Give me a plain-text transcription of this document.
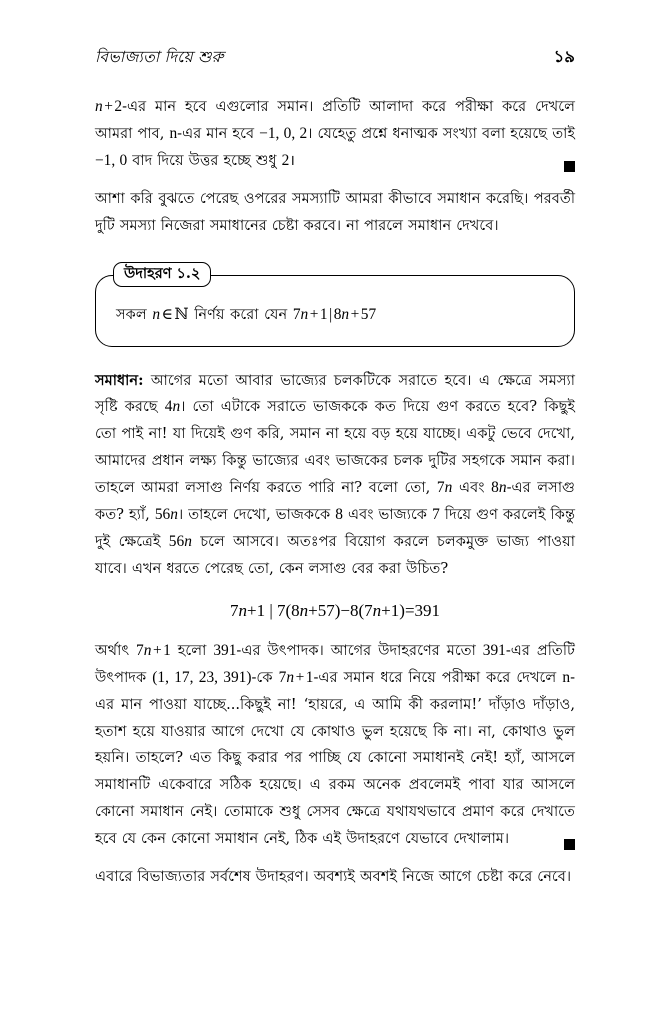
বিভাজ্যতা দিয়ে শুরু	১৯

n+2-এর মান হবে এগুলোর সমান। প্রতিটি আলাদা করে পরীক্ষা করে দেখলে আমরা পাব, n-এর মান হবে −1, 0, 2। যেহেতু প্রশ্নে ধনাত্মক সংখ্যা বলা হয়েছে তাই −1, 0 বাদ দিয়ে উত্তর হচ্ছে শুধু 2।

আশা করি বুঝতে পেরেছ ওপরের সমস্যাটি আমরা কীভাবে সমাধান করেছি। পরবর্তী দুটি সমস্যা নিজেরা সমাধানের চেষ্টা করবে। না পারলে সমাধান দেখবে।

উদাহরণ ১.২
সকল n∈ℕ নির্ণয় করো যেন 7n+1|8n+57

সমাধান: আগের মতো আবার ভাজ্যের চলকটিকে সরাতে হবে। এ ক্ষেত্রে সমস্যা সৃষ্টি করছে 4n। তো এটাকে সরাতে ভাজককে কত দিয়ে গুণ করতে হবে? কিছুই তো পাই না! যা দিয়েই গুণ করি, সমান না হয়ে বড় হয়ে যাচ্ছে। একটু ভেবে দেখো, আমাদের প্রধান লক্ষ্য কিন্তু ভাজ্যের এবং ভাজকের চলক দুটির সহগকে সমান করা। তাহলে আমরা লসাগু নির্ণয় করতে পারি না? বলো তো, 7n এবং 8n-এর লসাগু কত? হ্যাঁ, 56n। তাহলে দেখো, ভাজককে 8 এবং ভাজ্যকে 7 দিয়ে গুণ করলেই কিন্তু দুই ক্ষেত্রেই 56n চলে আসবে। অতঃপর বিয়োগ করলে চলকমুক্ত ভাজ্য পাওয়া যাবে। এখন ধরতে পেরেছ তো, কেন লসাগু বের করা উচিত?

7n+1 | 7(8n+57)−8(7n+1)=391

অর্থাৎ 7n+1 হলো 391-এর উৎপাদক। আগের উদাহরণের মতো 391-এর প্রতিটি উৎপাদক (1, 17, 23, 391)-কে 7n+1-এর সমান ধরে নিয়ে পরীক্ষা করে দেখলে n-এর মান পাওয়া যাচ্ছে...কিছুই না! ‘হায়রে, এ আমি কী করলাম!’ দাঁড়াও দাঁড়াও, হতাশ হয়ে যাওয়ার আগে দেখো যে কোথাও ভুল হয়েছে কি না। না, কোথাও ভুল হয়নি। তাহলে? এত কিছু করার পর পাচ্ছি যে কোনো সমাধানই নেই! হ্যাঁ, আসলে সমাধানটি একেবারে সঠিক হয়েছে। এ রকম অনেক প্রবলেমই পাবা যার আসলে কোনো সমাধান নেই। তোমাকে শুধু সেসব ক্ষেত্রে যথাযথভাবে প্রমাণ করে দেখাতে হবে যে কেন কোনো সমাধান নেই, ঠিক এই উদাহরণে যেভাবে দেখালাম।

এবারে বিভাজ্যতার সর্বশেষ উদাহরণ। অবশ্যই অবশই নিজে আগে চেষ্টা করে নেবে।
